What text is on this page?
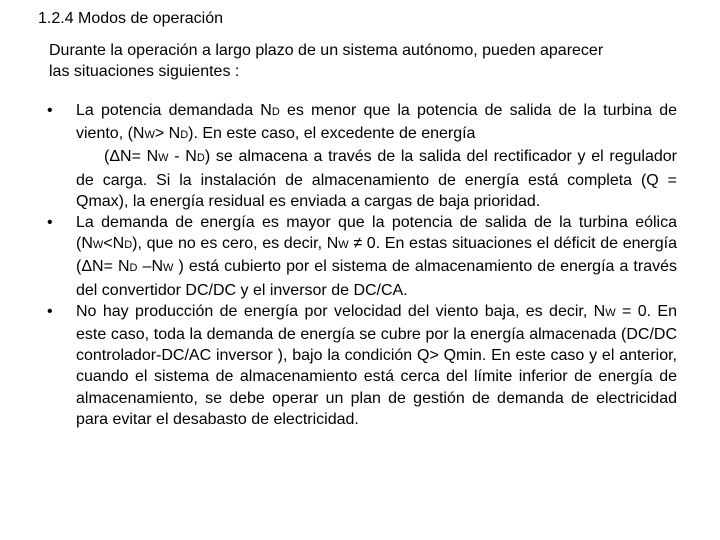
1.2.4 Modos de operación

Durante la operación a largo plazo de un sistema autónomo, pueden aparecer
las situaciones siguientes :

• La potencia demandada ND es menor que la potencia de salida de la turbina de viento, (NW> ND). En este caso, el excedente de energía
(ΔN= NW - ND) se almacena a través de la salida del rectificador y el regulador de carga. Si la instalación de almacenamiento de energía está completa (Q = Qmax), la energía residual es enviada a cargas de baja prioridad.
• La demanda de energía es mayor que la potencia de salida de la turbina eólica (NW<ND), que no es cero, es decir, NW ≠ 0. En estas situaciones el déficit de energía (ΔN= ND –NW ) está cubierto por el sistema de almacenamiento de energía a través del convertidor DC/DC y el inversor de DC/CA.
• No hay producción de energía por velocidad del viento baja, es decir, NW = 0. En este caso, toda la demanda de energía se cubre por la energía almacenada (DC/DC controlador-DC/AC inversor ), bajo la condición Q> Qmin. En este caso y el anterior, cuando el sistema de almacenamiento está cerca del límite inferior de energía de almacenamiento, se debe operar un plan de gestión de demanda de electricidad para evitar el desabasto de electricidad.
